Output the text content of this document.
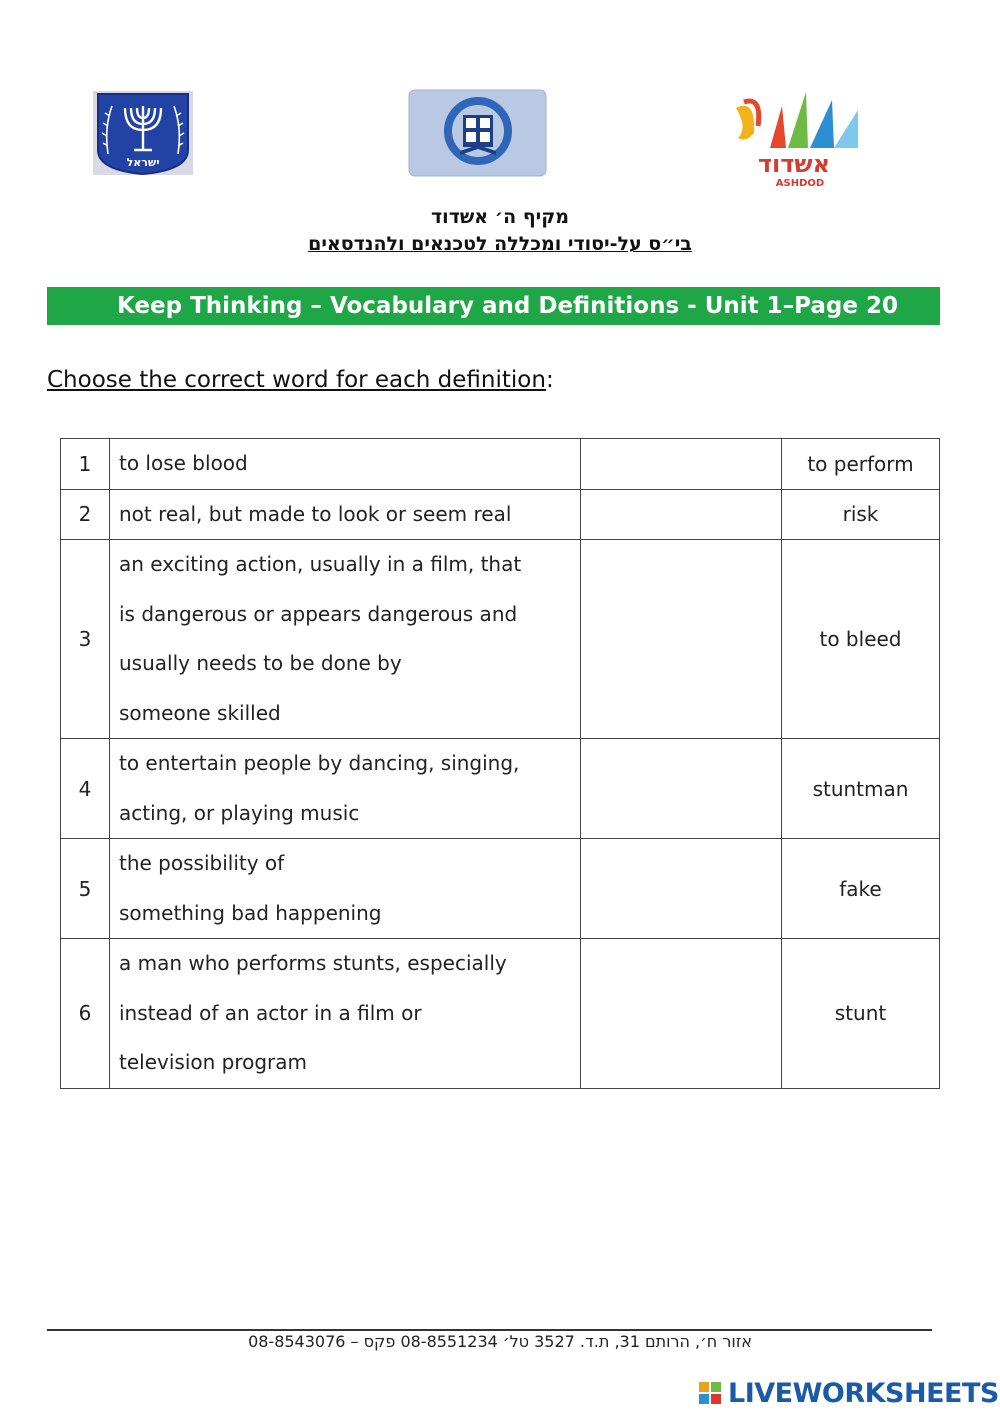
ישראל	אשדוד
ASHDOD
מקיף ה׳ אשדוד
בי״ס על-יסודי ומכללה לטכנאים ולהנדסאים
Keep Thinking – Vocabulary and Definitions - Unit 1–Page 20
Choose the correct word for each definition:
1	to lose blood		to perform
2	not real, but made to look or seem real		risk
3	an exciting action, usually in a film, that
is dangerous or appears dangerous and
usually needs to be done by
someone skilled		to bleed
4	to entertain people by dancing, singing,
acting, or playing music		stuntman
5	the possibility of
something bad happening		fake
6	a man who performs stunts, especially
instead of an actor in a film or
television program		stunt
אזור ח׳, הרותם 31, ת.ד. 3527 טל׳ 08-8551234 פקס – 08-8543076
LIVEWORKSHEETS
